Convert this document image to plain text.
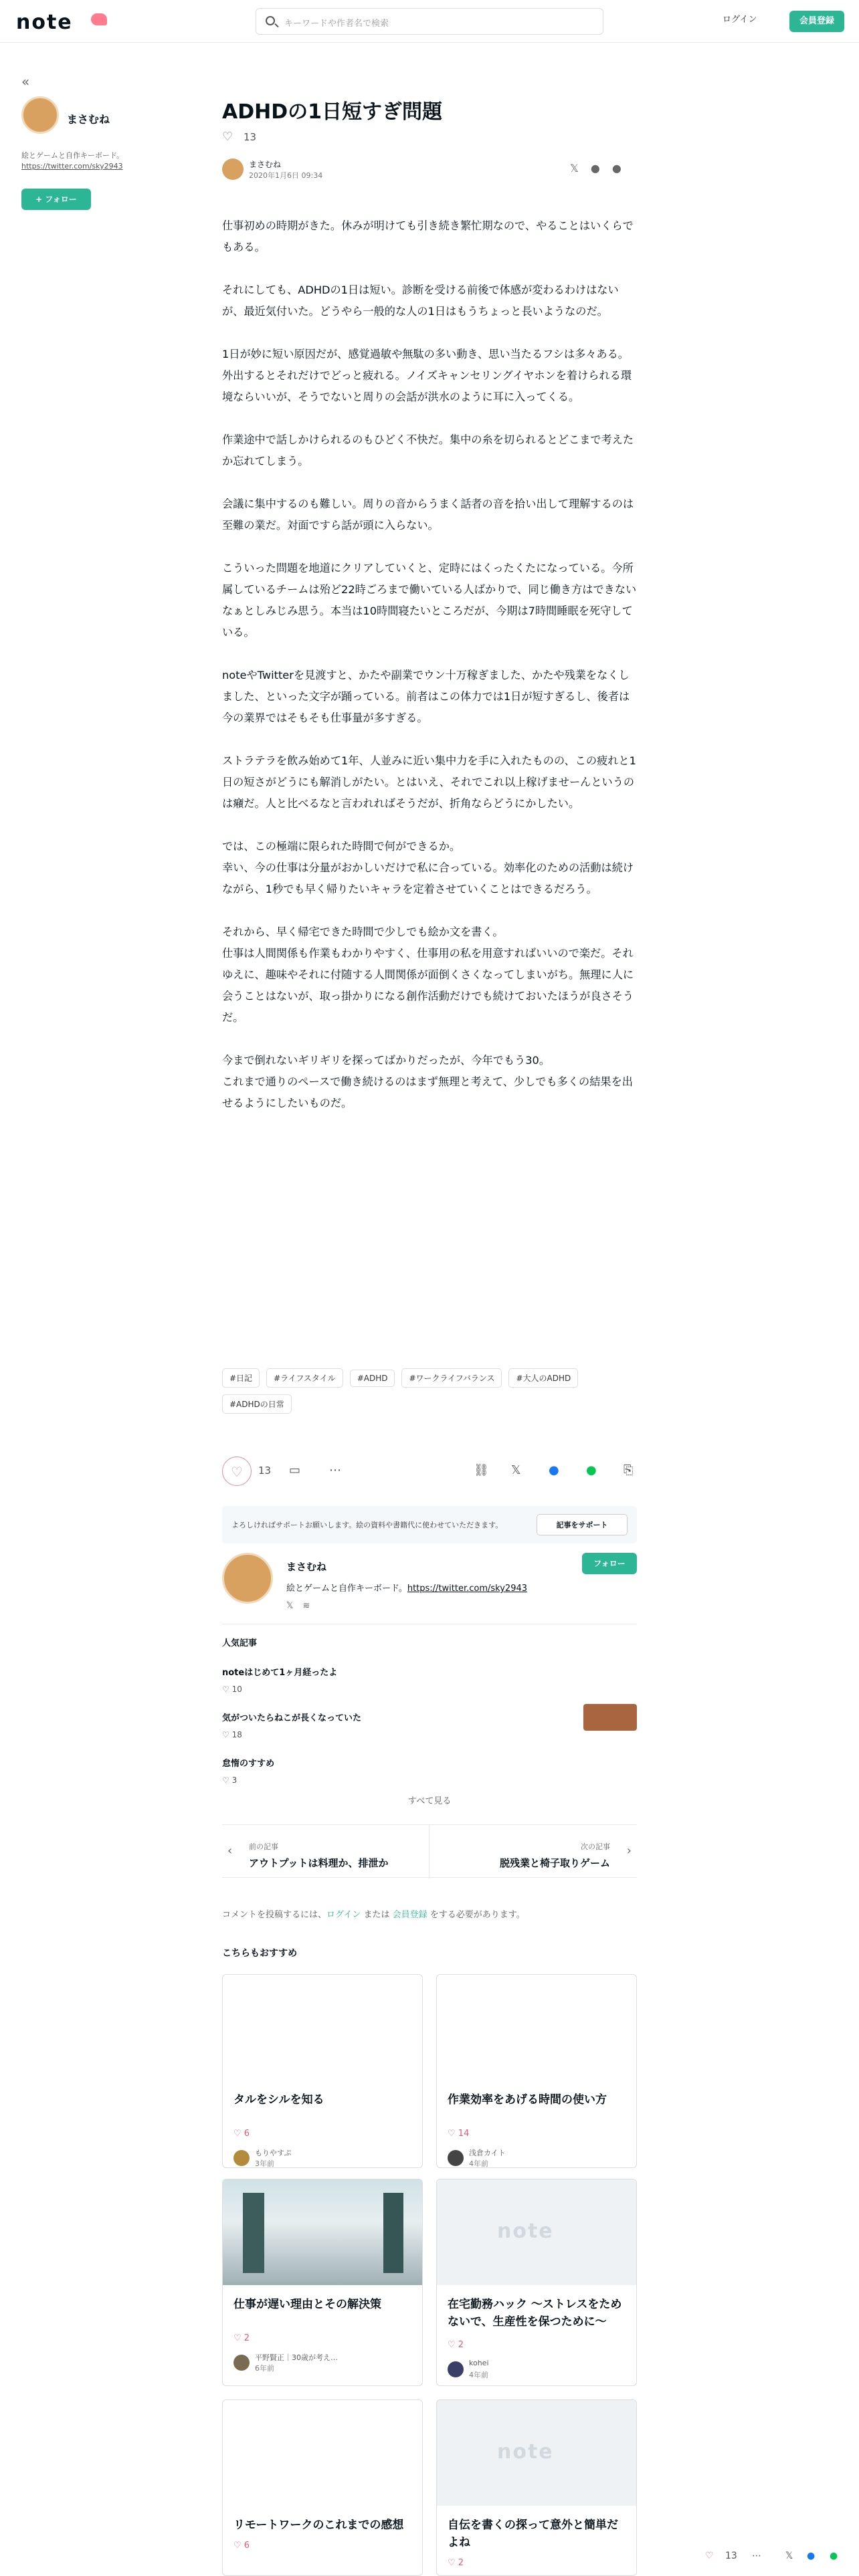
note	キーワードや作者名で検索	ログイン	会員登録
«
まさむね
絵とゲームと自作キーボード。
https://twitter.com/sky2943
+ フォロー
ADHDの1日短すぎ問題
♡ 13
まさむね
2020年1月6日 09:34
𝕏●●

仕事初めの時期がきた。休みが明けても引き続き繁忙期なので、やることはいくらでもある。

それにしても、ADHDの1日は短い。診断を受ける前後で体感が変わるわけはないが、最近気付いた。どうやら一般的な人の1日はもうちょっと長いようなのだ。

1日が妙に短い原因だが、感覚過敏や無駄の多い動き、思い当たるフシは多々ある。
外出するとそれだけでどっと疲れる。ノイズキャンセリングイヤホンを着けられる環境ならいいが、そうでないと周りの会話が洪水のように耳に入ってくる。

作業途中で話しかけられるのもひどく不快だ。集中の糸を切られるとどこまで考えたか忘れてしまう。

会議に集中するのも難しい。周りの音からうまく話者の音を拾い出して理解するのは至難の業だ。対面ですら話が頭に入らない。

こういった問題を地道にクリアしていくと、定時にはくったくたになっている。今所属しているチームは殆ど22時ごろまで働いている人ばかりで、同じ働き方はできないなぁとしみじみ思う。本当は10時間寝たいところだが、今期は7時間睡眠を死守している。

noteやTwitterを見渡すと、かたや副業でウン十万稼ぎました、かたや残業をなくしました、といった文字が踊っている。前者はこの体力では1日が短すぎるし、後者は今の業界ではそもそも仕事量が多すぎる。

ストラテラを飲み始めて1年、人並みに近い集中力を手に入れたものの、この疲れと1日の短さがどうにも解消しがたい。とはいえ、それでこれ以上稼げませーんというのは癪だ。人と比べるなと言われればそうだが、折角ならどうにかしたい。

では、この極端に限られた時間で何ができるか。
幸い、今の仕事は分量がおかしいだけで私に合っている。効率化のための活動は続けながら、1秒でも早く帰りたいキャラを定着させていくことはできるだろう。

それから、早く帰宅できた時間で少しでも絵か文を書く。
仕事は人間関係も作業もわかりやすく、仕事用の私を用意すればいいので楽だ。それゆえに、趣味やそれに付随する人間関係が面倒くさくなってしまいがち。無理に人に会うことはないが、取っ掛かりになる創作活動だけでも続けておいたほうが良さそうだ。

今まで倒れないギリギリを探ってばかりだったが、今年でもう30。
これまで通りのペースで働き続けるのはまず無理と考えて、少しでも多くの結果を出せるようにしたいものだ。

#日記	#ライフスタイル	#ADHD	#ワークライフバランス	#大人のADHD#ADHDの日常
♡	13 ▭ ⋯	⛓ 𝕏 ● ● ⎘
よろしければサポートお願いします。絵の資料や書籍代に使わせていただきます。	記事をサポート
まさむね
絵とゲームと自作キーボード。https://twitter.com/sky2943
𝕏≋
フォロー
人気記事
noteはじめて1ヶ月経ったよ
♡ 10
気がついたらねこが長くなっていた
♡ 18
怠惰のすすめ
♡ 3
すべて見る
‹ 前の記事
アウトプットは料理か、排泄か
次の記事
脱残業と椅子取りゲーム
›
コメントを投稿するには、ログイン または 会員登録 をする必要があります。
こちらもおすすめ
タルをシルを知る
♡ 6
もりやすぷ
3年前
作業効率をあげる時間の使い方
♡ 14
浅倉カイト
4年前
仕事が遅い理由とその解決策
♡ 2
平野賢正｜30歳が考え…
6年前
note
在宅勤務ハック ～ストレスをためないで、生産性を保つために～
♡ 2
kohei
4年前
リモートワークのこれまでの感想
♡ 6
note
自伝を書くの探って意外と簡単だよね
♡ 2
♡ 13 ⋯	𝕏 ● ●
